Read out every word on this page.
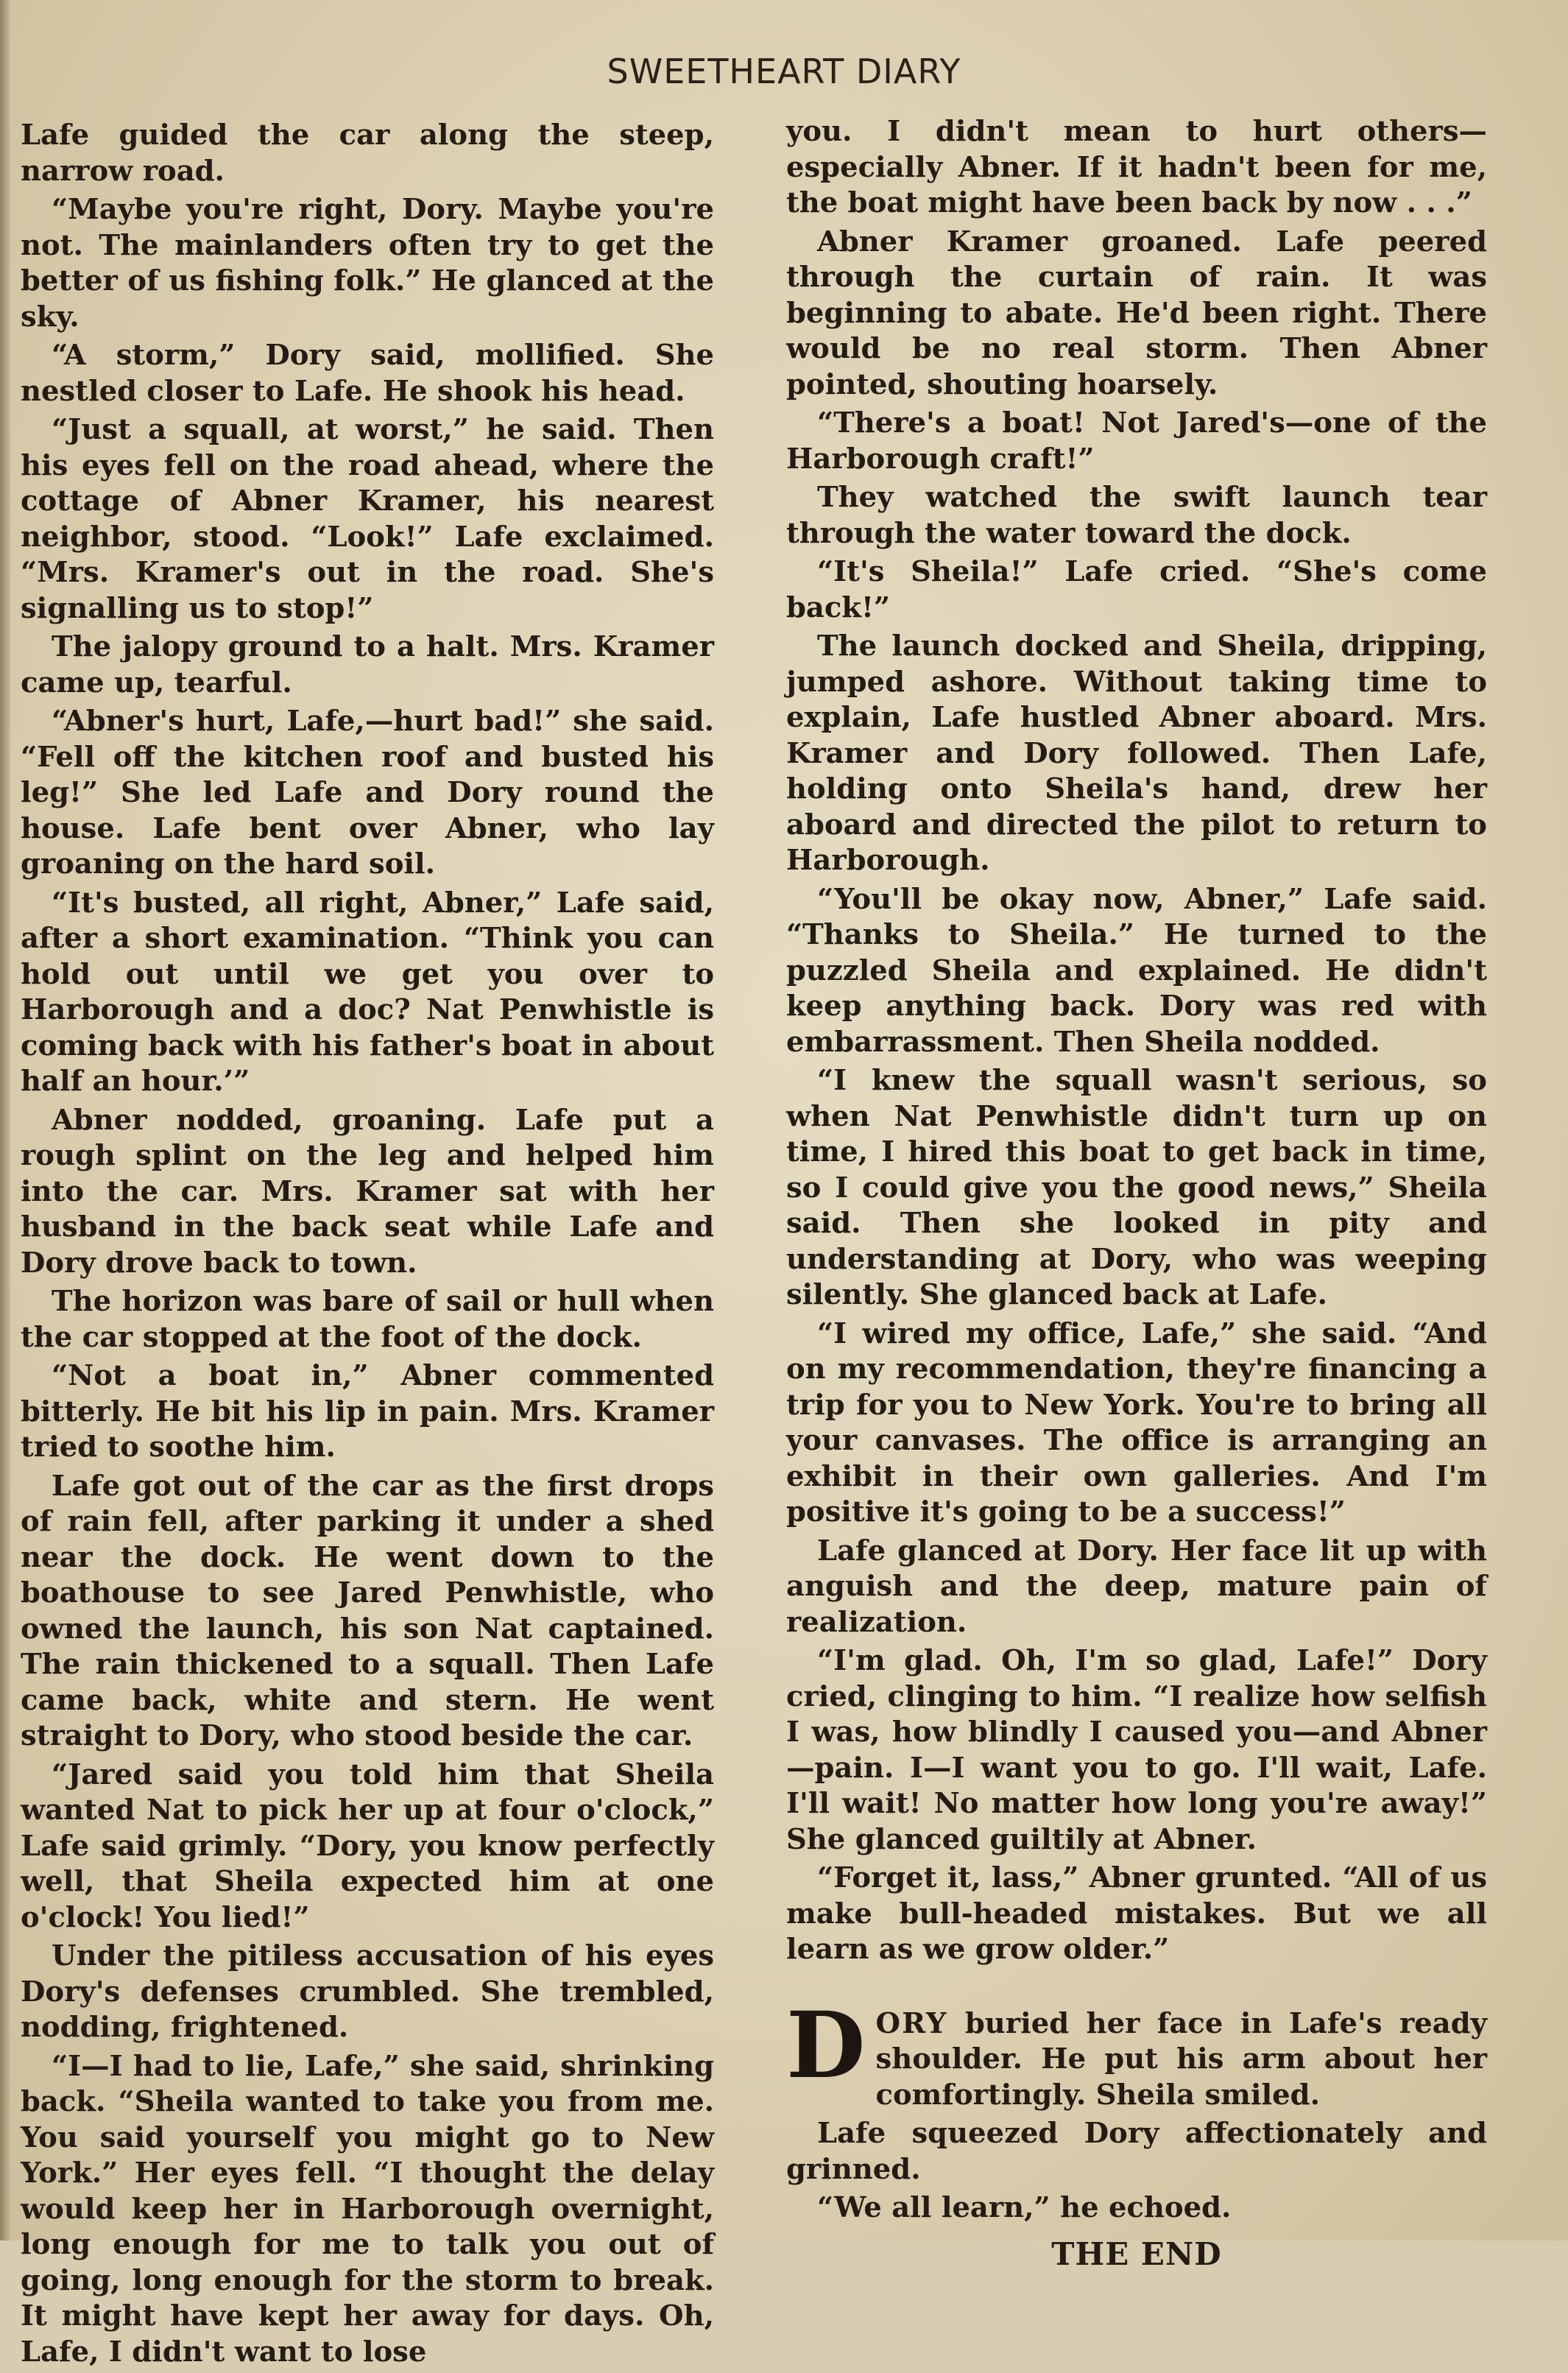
SWEETHEART DIARY

Lafe guided the car along the steep, narrow road.

“Maybe you're right, Dory. Maybe you're not. The mainlanders often try to get the better of us fishing folk.” He glanced at the sky.

“A storm,” Dory said, mollified. She nestled closer to Lafe. He shook his head.

“Just a squall, at worst,” he said. Then his eyes fell on the road ahead, where the cottage of Abner Kramer, his nearest neighbor, stood. “Look!” Lafe exclaimed. “Mrs. Kramer's out in the road. She's signalling us to stop!”

The jalopy ground to a halt. Mrs. Kramer came up, tearful.

“Abner's hurt, Lafe,—hurt bad!” she said. “Fell off the kitchen roof and busted his leg!” She led Lafe and Dory round the house. Lafe bent over Abner, who lay groaning on the hard soil.

“It's busted, all right, Abner,” Lafe said, after a short examination. “Think you can hold out until we get you over to Harborough and a doc? Nat Penwhistle is coming back with his father's boat in about half an hour.’”

Abner nodded, groaning. Lafe put a rough splint on the leg and helped him into the car. Mrs. Kramer sat with her husband in the back seat while Lafe and Dory drove back to town.

The horizon was bare of sail or hull when the car stopped at the foot of the dock.

“Not a boat in,” Abner commented bitterly. He bit his lip in pain. Mrs. Kramer tried to soothe him.

Lafe got out of the car as the first drops of rain fell, after parking it under a shed near the dock. He went down to the boathouse to see Jared Penwhistle, who owned the launch, his son Nat captained. The rain thickened to a squall. Then Lafe came back, white and stern. He went straight to Dory, who stood beside the car.

“Jared said you told him that Sheila wanted Nat to pick her up at four o'clock,” Lafe said grimly. “Dory, you know perfectly well, that Sheila expected him at one o'clock! You lied!”

Under the pitiless accusation of his eyes Dory's defenses crumbled. She trembled, nodding, frightened.

“I—I had to lie, Lafe,” she said, shrinking back. “Sheila wanted to take you from me. You said yourself you might go to New York.” Her eyes fell. “I thought the delay would keep her in Harborough overnight, long enough for me to talk you out of going, long enough for the storm to break. It might have kept her away for days. Oh, Lafe, I didn't want to lose

you. I didn't mean to hurt others—especially Abner. If it hadn't been for me, the boat might have been back by now . . .”

Abner Kramer groaned. Lafe peered through the curtain of rain. It was beginning to abate. He'd been right. There would be no real storm. Then Abner pointed, shouting hoarsely.

“There's a boat! Not Jared's—one of the Harborough craft!”

They watched the swift launch tear through the water toward the dock.

“It's Sheila!” Lafe cried. “She's come back!”

The launch docked and Sheila, dripping, jumped ashore. Without taking time to explain, Lafe hustled Abner aboard. Mrs. Kramer and Dory followed. Then Lafe, holding onto Sheila's hand, drew her aboard and directed the pilot to return to Harborough.

“You'll be okay now, Abner,” Lafe said. “Thanks to Sheila.” He turned to the puzzled Sheila and explained. He didn't keep anything back. Dory was red with embarrassment. Then Sheila nodded.

“I knew the squall wasn't serious, so when Nat Penwhistle didn't turn up on time, I hired this boat to get back in time, so I could give you the good news,” Sheila said. Then she looked in pity and understanding at Dory, who was weeping silently. She glanced back at Lafe.

“I wired my office, Lafe,” she said. “And on my recommendation, they're financing a trip for you to New York. You're to bring all your canvases. The office is arranging an exhibit in their own galleries. And I'm positive it's going to be a success!”

Lafe glanced at Dory. Her face lit up with anguish and the deep, mature pain of realization.

“I'm glad. Oh, I'm so glad, Lafe!” Dory cried, clinging to him. “I realize how selfish I was, how blindly I caused you—and Abner—pain. I—I want you to go. I'll wait, Lafe. I'll wait! No matter how long you're away!” She glanced guiltily at Abner.

“Forget it, lass,” Abner grunted. “All of us make bull-headed mistakes. But we all learn as we grow older.”

DORY buried her face in Lafe's ready shoulder. He put his arm about her comfortingly. Sheila smiled.

Lafe squeezed Dory affectionately and grinned.

“We all learn,” he echoed.

THE END
